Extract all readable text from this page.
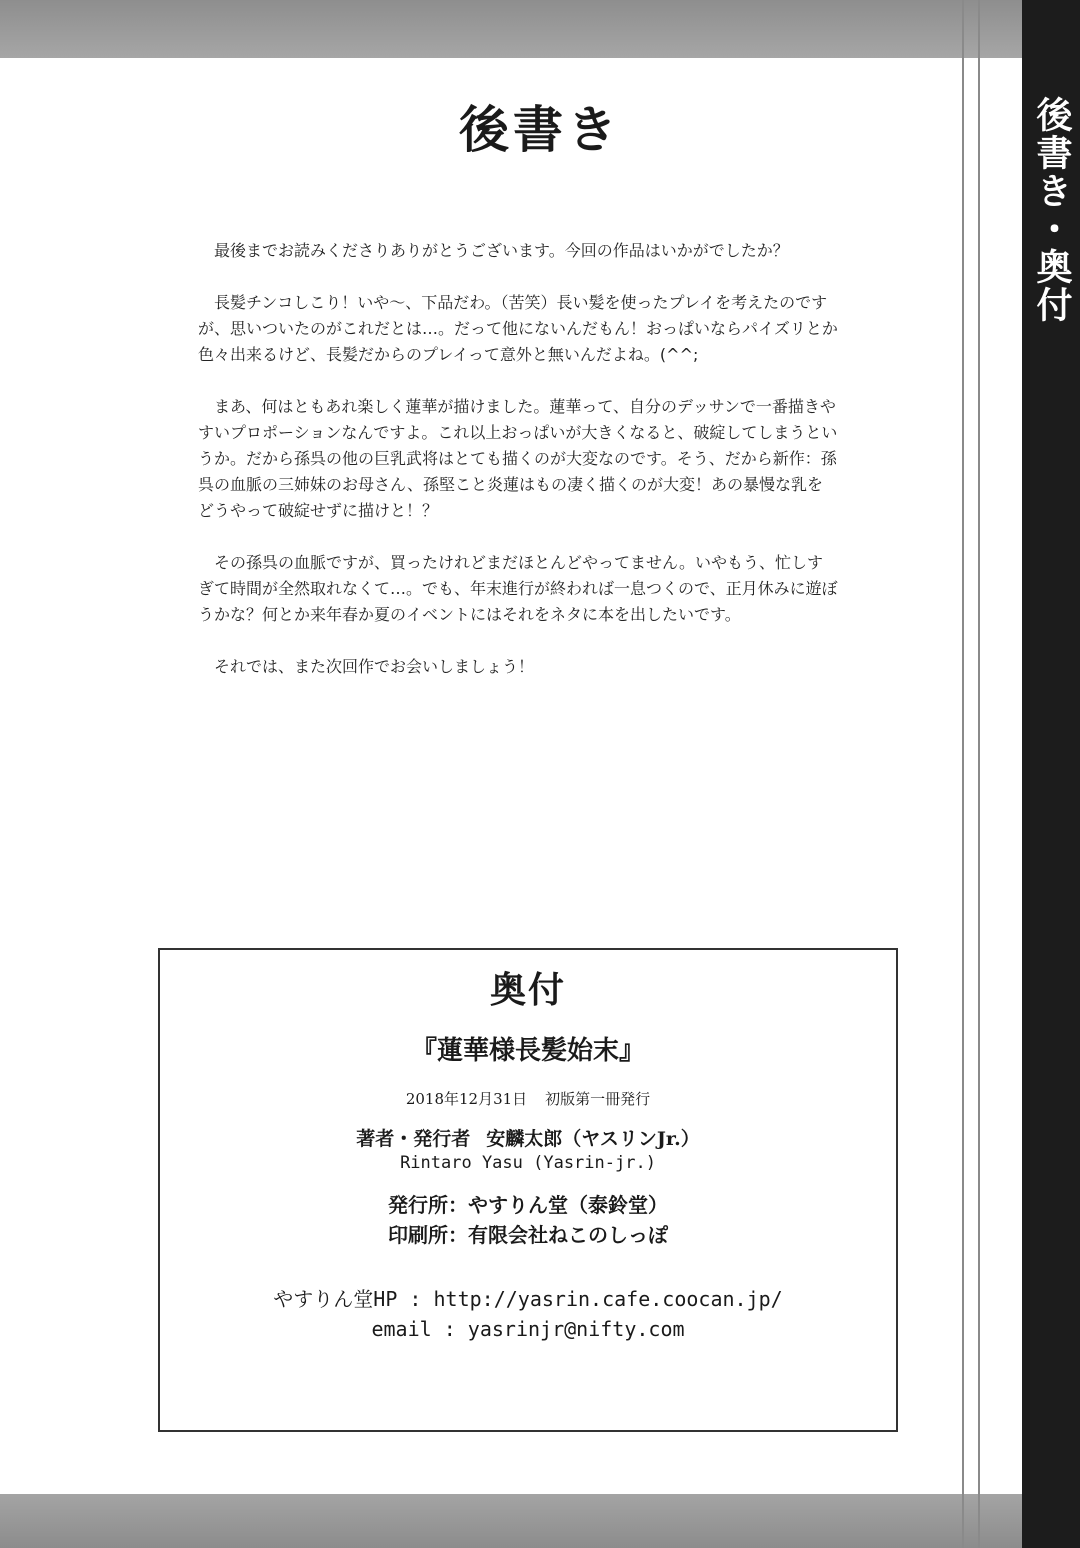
後書き・奥付
後書き

最後までお読みくださりありがとうございます。今回の作品はいかがでしたか？

長髪チンコしこり！いや〜、下品だわ。（苦笑）長い髪を使ったプレイを考えたのですが、思いついたのがこれだとは…。だって他にないんだもん！おっぱいならパイズリとか色々出来るけど、長髪だからのプレイって意外と無いんだよね。(^^;

まあ、何はともあれ楽しく蓮華が描けました。蓮華って、自分のデッサンで一番描きやすいプロポーションなんですよ。これ以上おっぱいが大きくなると、破綻してしまうというか。だから孫呉の他の巨乳武将はとても描くのが大変なのです。そう、だから新作：孫呉の血脈の三姉妹のお母さん、孫堅こと炎蓮はもの凄く描くのが大変！あの暴慢な乳をどうやって破綻せずに描けと！？

その孫呉の血脈ですが、買ったけれどまだほとんどやってません。いやもう、忙しすぎて時間が全然取れなくて…。でも、年末進行が終われば一息つくので、正月休みに遊ぼうかな？何とか来年春か夏のイベントにはそれをネタに本を出したいです。

それでは、また次回作でお会いしましょう！

奥付
『蓮華様長髪始末』
2018年12月31日 初版第一冊発行
著者・発行者 安麟太郎（ヤスリンJr.）
Rintaro Yasu (Yasrin-jr.)
発行所：やすりん堂（泰鈴堂）
印刷所：有限会社ねこのしっぽ
やすりん堂HP : http://yasrin.cafe.coocan.jp/
email : yasrinjr@nifty.com
